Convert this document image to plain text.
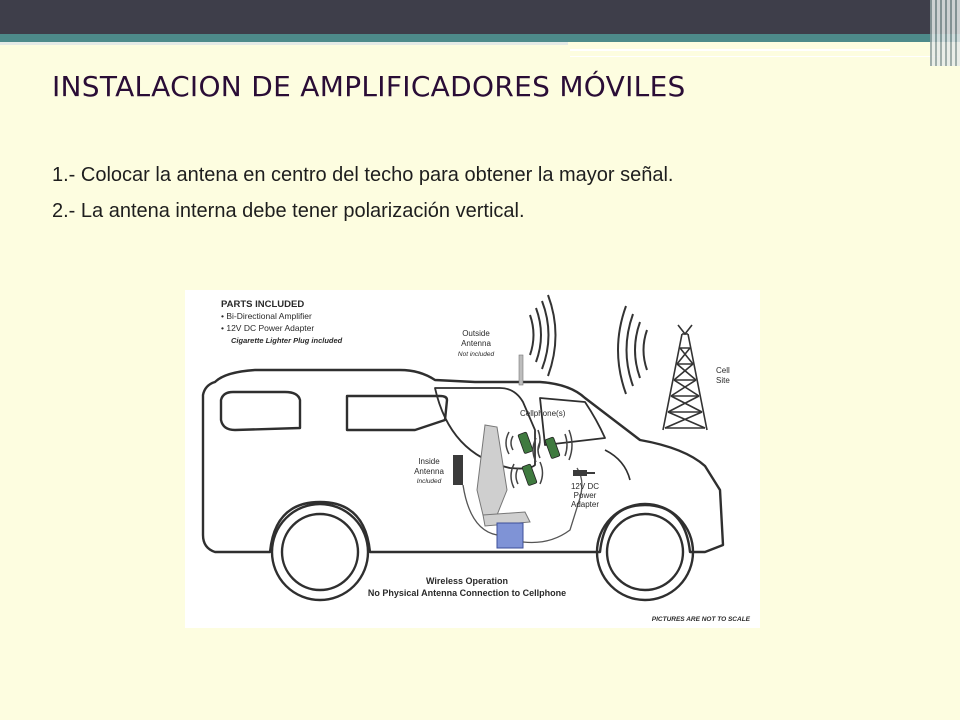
INSTALACION DE AMPLIFICADORES MÓVILES
1.- Colocar la antena en centro del techo para obtener la mayor señal.
2.- La antena interna debe tener polarización vertical.
PARTS INCLUDED
• Bi-Directional Amplifier
• 12V DC Power Adapter
Cigarette Lighter Plug included
Outside
Antenna
Not included
Cell
Site
Inside
Antenna
Included
Cellphone(s)
12V DC
Power
Adapter
Wireless Operation
No Physical Antenna Connection to Cellphone
PICTURES ARE NOT TO SCALE
